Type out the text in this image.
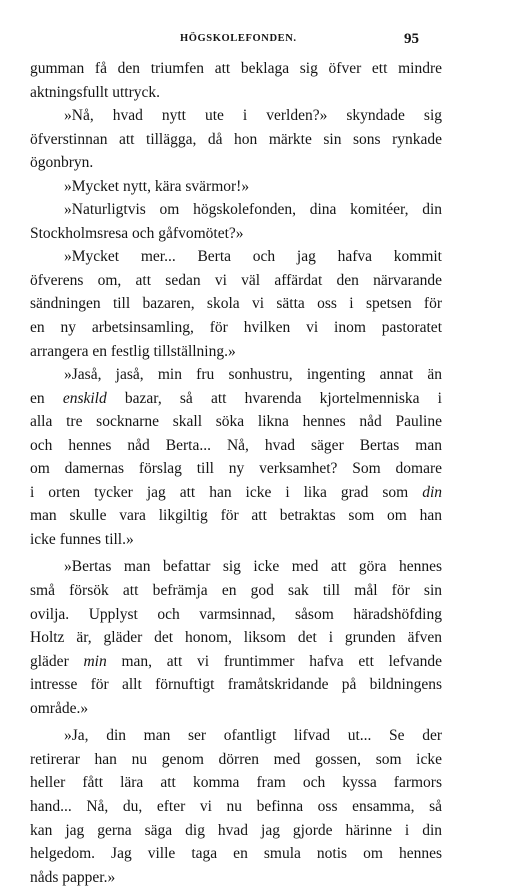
HÖGSKOLEFONDEN.	95
gumman få den triumfen att beklaga sig öfver ett mindre
aktningsfullt uttryck.
»Nå, hvad nytt ute i verlden?» skyndade sig
öfverstinnan att tillägga, då hon märkte sin sons rynkade
ögonbryn.
»Mycket nytt, kära svärmor!»
»Naturligtvis om högskolefonden, dina komitéer, din
Stockholmsresa och gåfvomötet?»
»Mycket mer... Berta och jag hafva kommit
öfverens om, att sedan vi väl affärdat den närvarande
sändningen till bazaren, skola vi sätta oss i spetsen för
en ny arbetsinsamling, för hvilken vi inom pastoratet
arrangera en festlig tillställning.»
»Jaså, jaså, min fru sonhustru, ingenting annat än
en enskild bazar, så att hvarenda kjortelmenniska i
alla tre socknarne skall söka likna hennes nåd Pauline
och hennes nåd Berta... Nå, hvad säger Bertas man
om damernas förslag till ny verksamhet? Som domare
i orten tycker jag att han icke i lika grad som din
man skulle vara likgiltig för att betraktas som om han
icke funnes till.»
»Bertas man befattar sig icke med att göra hennes
små försök att befrämja en god sak till mål för sin
ovilja. Upplyst och varmsinnad, såsom häradshöfding
Holtz är, gläder det honom, liksom det i grunden äfven
gläder min man, att vi fruntimmer hafva ett lefvande
intresse för allt förnuftigt framåtskridande på bildningens
område.»
»Ja, din man ser ofantligt lifvad ut... Se der
retirerar han nu genom dörren med gossen, som icke
heller fått lära att komma fram och kyssa farmors
hand... Nå, du, efter vi nu befinna oss ensamma, så
kan jag gerna säga dig hvad jag gjorde härinne i din
helgedom. Jag ville taga en smula notis om hennes
nåds papper.»
